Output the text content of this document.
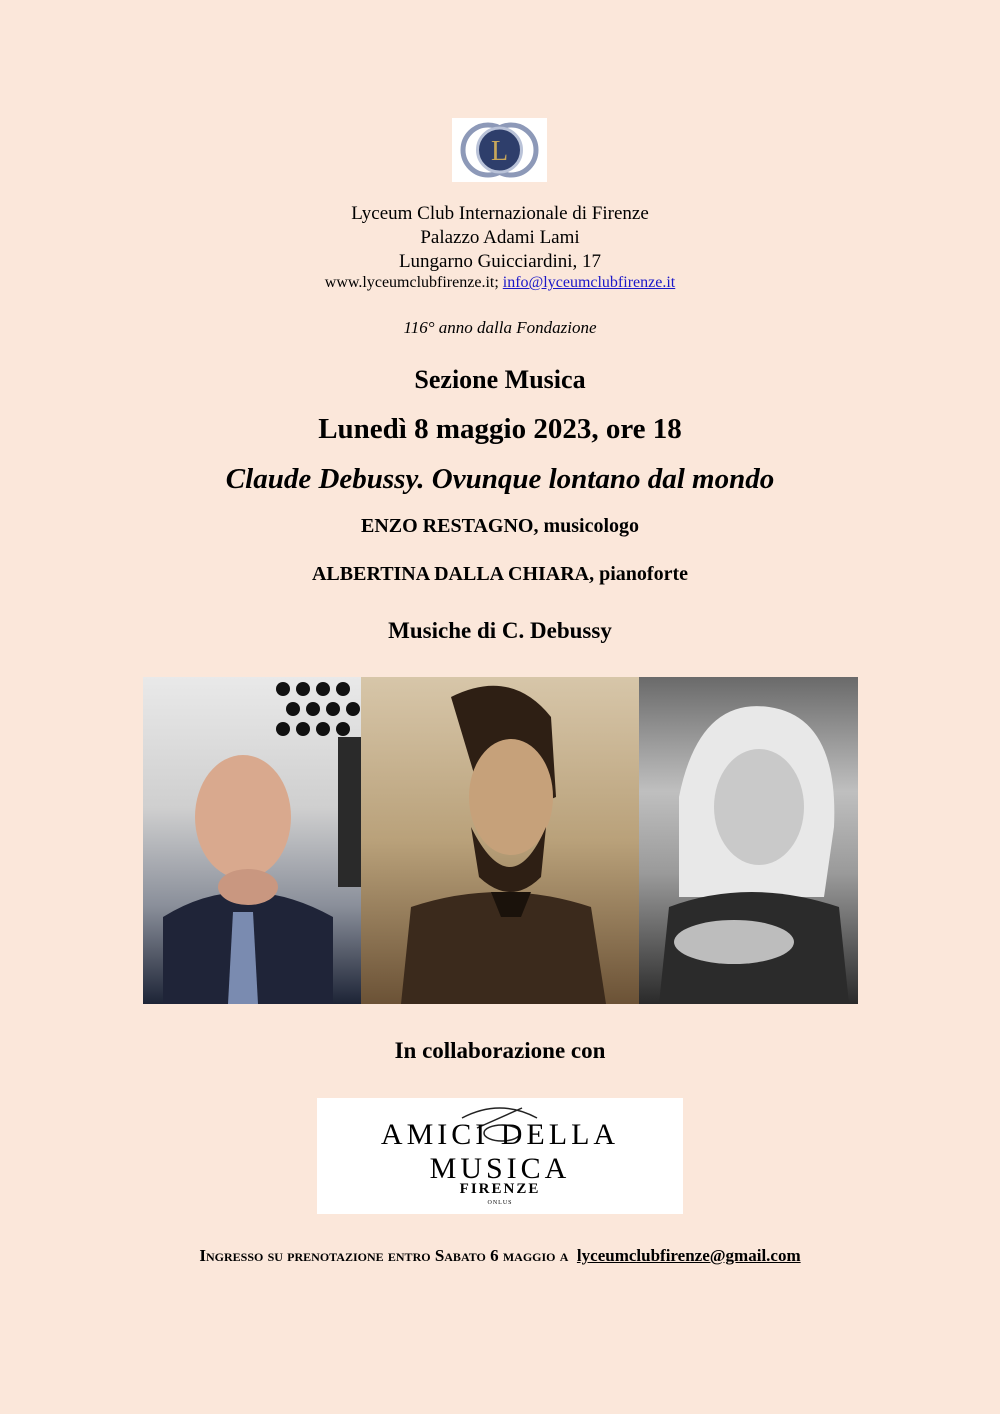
L
Lyceum Club Internazionale di Firenze
Palazzo Adami Lami
Lungarno Guicciardini, 17
www.lyceumclubfirenze.it; info@lyceumclubfirenze.it
116° anno dalla Fondazione
Sezione Musica
Lunedì 8 maggio 2023, ore 18
Claude Debussy. Ovunque lontano dal mondo
ENZO RESTAGNO, musicologo
ALBERTINA DALLA CHIARA, pianoforte
Musiche di C. Debussy
In collaborazione con
AMICI DELLA MUSICA
FIRENZE
ONLUS
Ingresso su prenotazione entro Sabato 6 maggio a lyceumclubfirenze@gmail.com
